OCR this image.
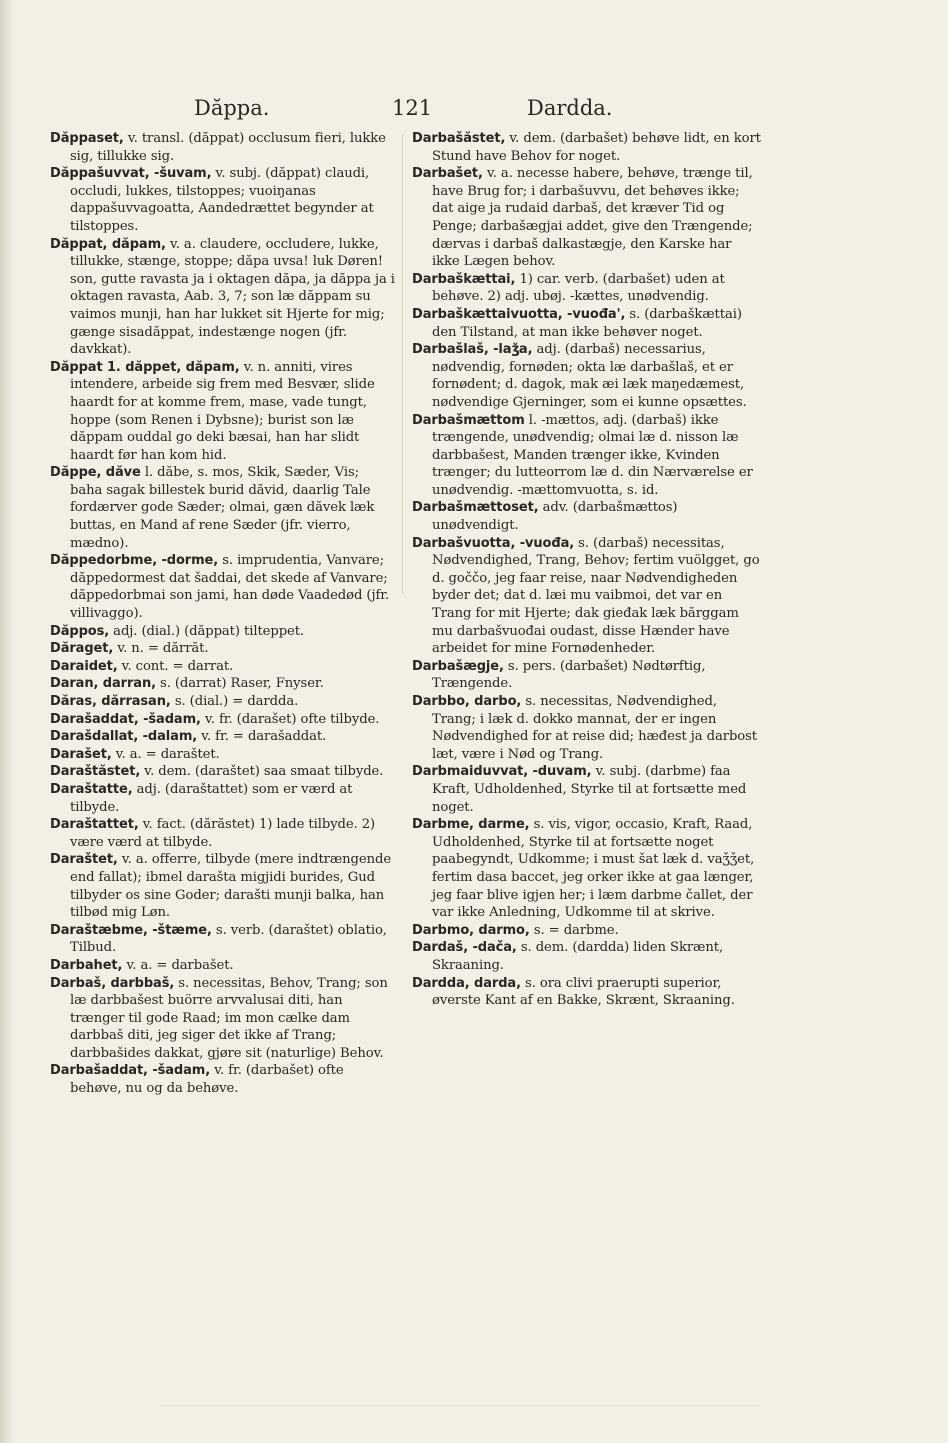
Dăppa.	121	Dardda.
Dăppaset, v. transl. (dăppat) occlusum fieri, lukke sig, tillukke sig.
Dăppašuvvat, -šuvam, v. subj. (dăppat) claudi, occludi, lukkes, tilstoppes; vuoiŋanas dappašuvvagoatta, Aandedrættet begynder at tilstoppes.
Dăppat, dăpam, v. a. claudere, occludere, lukke, tillukke, stænge, stoppe; dăpa uvsa! luk Døren! son, gutte ravasta ja i oktagen dăpa, ja dăppa ja i oktagen ravasta, Aab. 3, 7; son læ dăppam su vaimos munji, han har lukket sit Hjerte for mig; gænge sisadăppat, indestænge nogen (jfr. davkkat).
Dăppat 1. dăppet, dăpam, v. n. anniti, vires intendere, arbeide sig frem med Besvær, slide haardt for at komme frem, mase, vade tungt, hoppe (som Renen i Dybsne); burist son læ dăppam ouddal go deki bæsai, han har slidt haardt før han kom hid.
Dăppe, dăve l. dăbe, s. mos, Skik, Sæder, Vis; baha sagak billestek burid dăvid, daarlig Tale fordærver gode Sæder; olmai, gæn dăvek læk buttas, en Mand af rene Sæder (jfr. vierro, mædno).
Dăppedorbme, -dorme, s. imprudentia, Vanvare; dăppedormest dat šaddai, det skede af Vanvare; dăppedorbmai son jami, han døde Vaadedød (jfr. villivaggo).
Dăppos, adj. (dial.) (dăppat) tilteppet.
Dăraget, v. n. = dărrăt.
Daraidet, v. cont. = darrat.
Daran, darran, s. (darrat) Raser, Fnyser.
Dăras, dărrasan, s. (dial.) = dardda.
Darašaddat, -šadam, v. fr. (darašet) ofte tilbyde.
Darašdallat, -dalam, v. fr. = darašaddat.
Darašet, v. a. = daraštet.
Daraštăstet, v. dem. (daraštet) saa smaat tilbyde.
Daraštatte, adj. (daraštattet) som er værd at tilbyde.
Daraštattet, v. fact. (dărăstet) 1) lade tilbyde. 2) være værd at tilbyde.
Daraštet, v. a. offerre, tilbyde (mere indtrængende end fallat); ibmel darašta migjidi burides, Gud tilbyder os sine Goder; darašti munji balka, han tilbød mig Løn.
Daraštæbme, -štæme, s. verb. (daraštet) oblatio, Tilbud.
Darbahet, v. a. = darbašet.
Darbaš, darbbaš, s. necessitas, Behov, Trang; son læ darbbašest buörre arvvalusai diti, han trænger til gode Raad; im mon cælke dam darbbaš diti, jeg siger det ikke af Trang; darbbašides dakkat, gjøre sit (naturlige) Behov.
Darbašaddat, -šadam, v. fr. (darbašet) ofte behøve, nu og da behøve.
Darbašăstet, v. dem. (darbašet) behøve lidt, en kort Stund have Behov for noget.
Darbašet, v. a. necesse habere, behøve, trænge til, have Brug for; i darbašuvvu, det behøves ikke; dat aige ja rudaid darbaš, det kræver Tid og Penge; darbašægjai addet, give den Trængende; dærvas i darbaš dalkastægje, den Karske har ikke Lægen behov.
Darbaškættai, 1) car. verb. (darbašet) uden at behøve. 2) adj. ubøj. -kættes, unødvendig.
Darbaškættaivuotta, -vuođa', s. (darbaškættai) den Tilstand, at man ikke behøver noget.
Darbašlaš, -laǯa, adj. (darbaš) necessarius, nødvendig, fornøden; okta læ darbašlaš, et er fornødent; d. dagok, mak æi læk maŋedæmest, nødvendige Gjerninger, som ei kunne opsættes.
Darbašmættom l. -mættos, adj. (darbaš) ikke trængende, unødvendig; olmai læ d. nisson læ darbbašest, Manden trænger ikke, Kvinden trænger; du lutteorrom læ d. din Nærværelse er unødvendig. -mættomvuotta, s. id.
Darbašmættoset, adv. (darbašmættos) unødvendigt.
Darbašvuotta, -vuođa, s. (darbaš) necessitas, Nødvendighed, Trang, Behov; fertim vuölgget, go d. goččo, jeg faar reise, naar Nødvendigheden byder det; dat d. læi mu vaibmoi, det var en Trang for mit Hjerte; dak gieđak læk bărggam mu darbašvuođai oudast, disse Hænder have arbeidet for mine Fornødenheder.
Darbašægje, s. pers. (darbašet) Nødtørftig, Trængende.
Darbbo, darbo, s. necessitas, Nødvendighed, Trang; i læk d. dokko mannat, der er ingen Nødvendighed for at reise did; hæđest ja darbost læt, være i Nød og Trang.
Darbmaiduvvat, -duvam, v. subj. (darbme) faa Kraft, Udholdenhed, Styrke til at fortsætte med noget.
Darbme, darme, s. vis, vigor, occasio, Kraft, Raad, Udholdenhed, Styrke til at fortsætte noget paabegyndt, Udkomme; i must šat læk d. vaǯǯet, fertim dasa baccet, jeg orker ikke at gaa længer, jeg faar blive igjen her; i læm darbme čallet, der var ikke Anledning, Udkomme til at skrive.
Darbmo, darmo, s. = darbme.
Dardaš, -dača, s. dem. (dardda) liden Skrænt, Skraaning.
Dardda, darda, s. ora clivi praerupti superior, øverste Kant af en Bakke, Skrænt, Skraaning.
